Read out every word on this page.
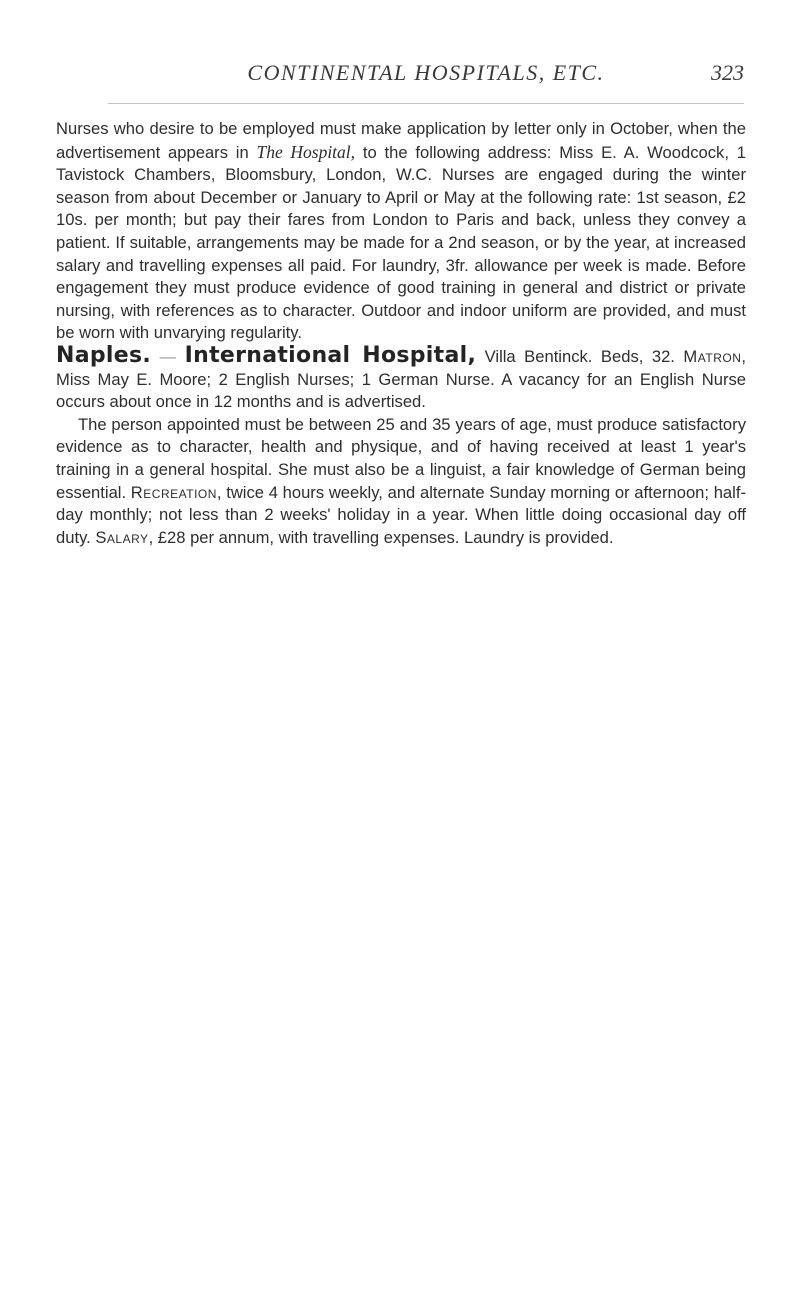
CONTINENTAL HOSPITALS, ETC.	323

Nurses who desire to be employed must make application by letter only in October, when the advertisement appears in The Hospital, to the following address: Miss E. A. Woodcock, 1 Tavistock Chambers, Bloomsbury, London, W.C. Nurses are engaged during the winter season from about December or January to April or May at the following rate: 1st season, £2 10s. per month; but pay their fares from London to Paris and back, unless they convey a patient. If suitable, arrangements may be made for a 2nd season, or by the year, at increased salary and travelling expenses all paid. For laundry, 3fr. allowance per week is made. Before engagement they must produce evidence of good training in general and district or private nursing, with references as to character. Outdoor and indoor uniform are provided, and must be worn with unvarying regularity.

Naples. — International Hospital, Villa Bentinck. Beds, 32. Matron, Miss May E. Moore; 2 English Nurses; 1 German Nurse. A vacancy for an English Nurse occurs about once in 12 months and is advertised.

The person appointed must be between 25 and 35 years of age, must produce satisfactory evidence as to character, health and physique, and of having received at least 1 year's training in a general hospital. She must also be a linguist, a fair knowledge of German being essential. Recreation, twice 4 hours weekly, and alternate Sunday morning or afternoon; half-day monthly; not less than 2 weeks' holiday in a year. When little doing occasional day off duty. Salary, £28 per annum, with travelling expenses. Laundry is provided.
